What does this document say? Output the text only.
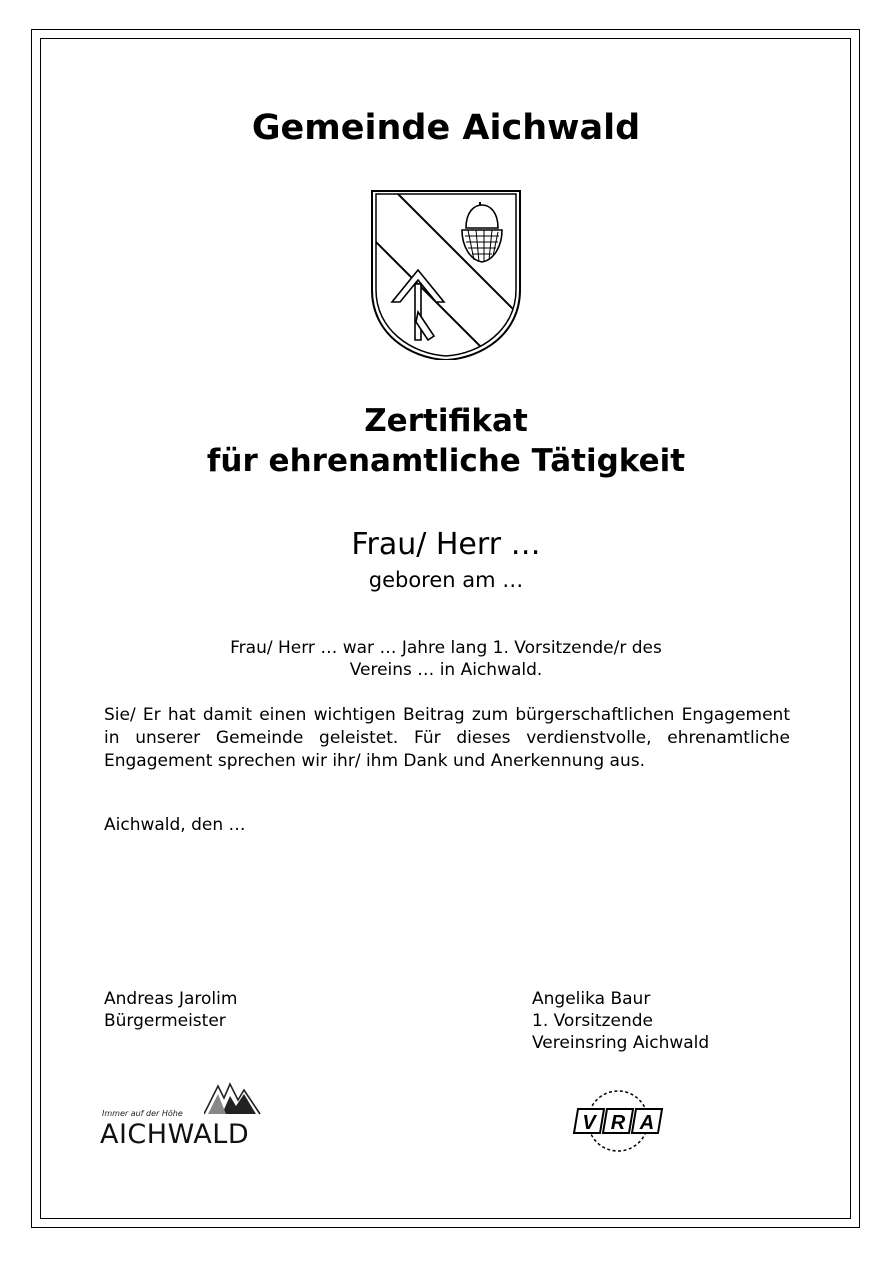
Gemeinde Aichwald
Zertifikat
für ehrenamtliche Tätigkeit
Frau/ Herr …
geboren am …
Frau/ Herr … war … Jahre lang 1. Vorsitzende/r des
Vereins … in Aichwald.

Sie/ Er hat damit einen wichtigen Beitrag zum bürgerschaftlichen Engagement in unserer Gemeinde geleistet. Für dieses verdienstvolle, ehrenamtliche Engagement sprechen wir ihr/ ihm Dank und Anerkennung aus.

Aichwald, den …
Andreas Jarolim
Bürgermeister
Angelika Baur
1. Vorsitzende
Vereinsring Aichwald
Immer auf der Höhe
AICHWALD	V R A
